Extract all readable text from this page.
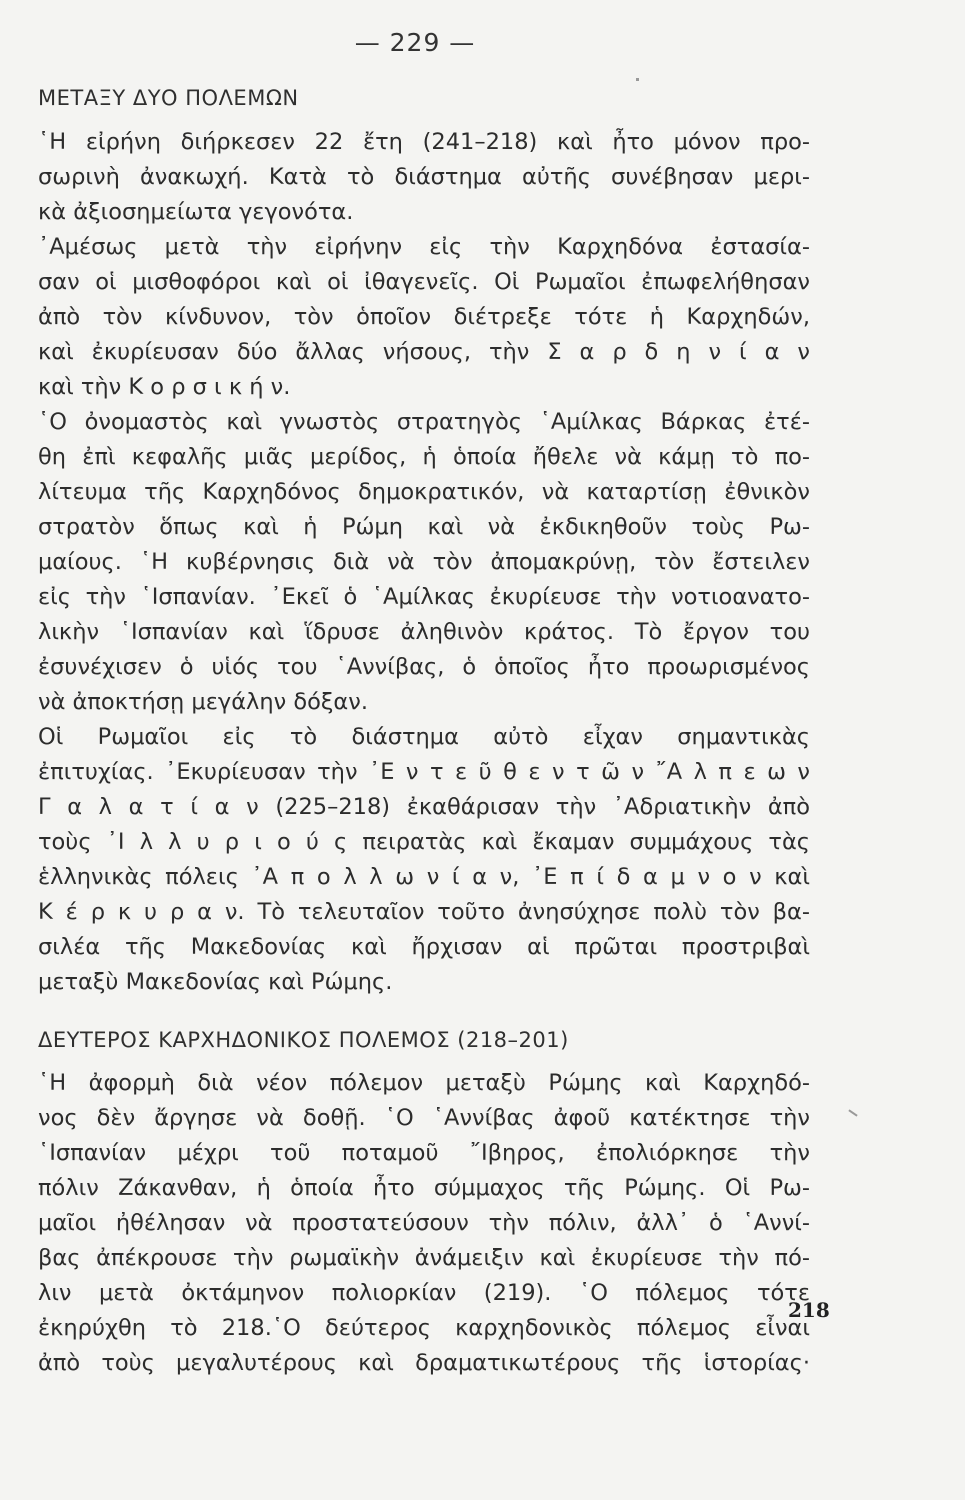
— 229 —
ΜΕΤΑΞΥ ΔΥΟ ΠΟΛΕΜΩΝ
῾Η εἰρήνη διήρκεσεν 22 ἔτη (241–218) καὶ ἦτο μόνον προ-
σωρινὴ ἀνακωχή. Κατὰ τὸ διάστημα αὐτῆς συνέβησαν μερι-
κὰ ἀξιοσημείωτα γεγονότα.
᾽Αμέσως μετὰ τὴν εἰρήνην εἰς τὴν Καρχηδόνα ἐστασία-
σαν οἱ μισθοφόροι καὶ οἱ ἰθαγενεῖς. Οἱ Ρωμαῖοι ἐπωφελήθησαν
ἀπὸ τὸν κίνδυνον, τὸν ὁποῖον διέτρεξε τότε ἡ Καρχηδών,
καὶ ἐκυρίευσαν δύο ἄλλας νήσους, τὴν Σ α ρ δ η ν ί α ν
καὶ τὴν Κ ο ρ σ ι κ ή ν.
῾Ο ὀνομαστὸς καὶ γνωστὸς στρατηγὸς ῾Αμίλκας Βάρκας ἐτέ-
θη ἐπὶ κεφαλῆς μιᾶς μερίδος, ἡ ὁποία ἤθελε νὰ κάμῃ τὸ πο-
λίτευμα τῆς Καρχηδόνος δημοκρατικόν, νὰ καταρτίσῃ ἐθνικὸν
στρατὸν ὅπως καὶ ἡ Ρώμη καὶ νὰ ἐκδικηθοῦν τοὺς Ρω-
μαίους. ῾Η κυβέρνησις διὰ νὰ τὸν ἀπομακρύνῃ, τὸν ἔστειλεν
εἰς τὴν ῾Ισπανίαν. ᾽Εκεῖ ὁ ῾Αμίλκας ἐκυρίευσε τὴν νοτιοανατο-
λικὴν ῾Ισπανίαν καὶ ἵδρυσε ἀληθινὸν κράτος. Τὸ ἔργον του
ἐσυνέχισεν ὁ υἱός του ῾Αννίβας, ὁ ὁποῖος ἦτο προωρισμένος
νὰ ἀποκτήσῃ μεγάλην δόξαν.
Οἱ Ρωμαῖοι εἰς τὸ διάστημα αὐτὸ εἶχαν σημαντικὰς
ἐπιτυχίας. ᾽Εκυρίευσαν τὴν ᾽Ε ν τ ε ῦ θ ε ν τ ῶ ν ῎Α λ π ε ω ν
Γ α λ α τ ί α ν (225–218) ἐκαθάρισαν τὴν ᾽Αδριατικὴν ἀπὸ
τοὺς ᾽Ι λ λ υ ρ ι ο ύ ς πειρατὰς καὶ ἔκαμαν συμμάχους τὰς
ἑλληνικὰς πόλεις ᾽Α π ο λ λ ω ν ί α ν, ᾽Ε π ί δ α μ ν ο ν καὶ
Κ έ ρ κ υ ρ α ν. Τὸ τελευταῖον τοῦτο ἀνησύχησε πολὺ τὸν βα-
σιλέα τῆς Μακεδονίας καὶ ἤρχισαν αἱ πρῶται προστριβαὶ
μεταξὺ Μακεδονίας καὶ Ρώμης.
ΔΕΥΤΕΡΟΣ ΚΑΡΧΗΔΟΝΙΚΟΣ ΠΟΛΕΜΟΣ (218–201)
῾Η ἀφορμὴ διὰ νέον πόλεμον μεταξὺ Ρώμης καὶ Καρχηδό-
νος δὲν ἄργησε νὰ δοθῇ. ῾Ο ῾Αννίβας ἀφοῦ κατέκτησε τὴν
῾Ισπανίαν μέχρι τοῦ ποταμοῦ ῎Ιβηρος, ἐπολιόρκησε τὴν
πόλιν Ζάκανθαν, ἡ ὁποία ἦτο σύμμαχος τῆς Ρώμης. Οἱ Ρω-
μαῖοι ἠθέλησαν νὰ προστατεύσουν τὴν πόλιν, ἀλλ᾽ ὁ ῾Αννί-
βας ἀπέκρουσε τὴν ρωμαϊκὴν ἀνάμειξιν καὶ ἐκυρίευσε τὴν πό-
λιν μετὰ ὀκτάμηνον πολιορκίαν (219). ῾Ο πόλεμος τότε
ἐκηρύχθη τὸ 218.῾Ο δεύτερος καρχηδονικὸς πόλεμος εἶναι
ἀπὸ τοὺς μεγαλυτέρους καὶ δραματικωτέρους τῆς ἱστορίας·
218
